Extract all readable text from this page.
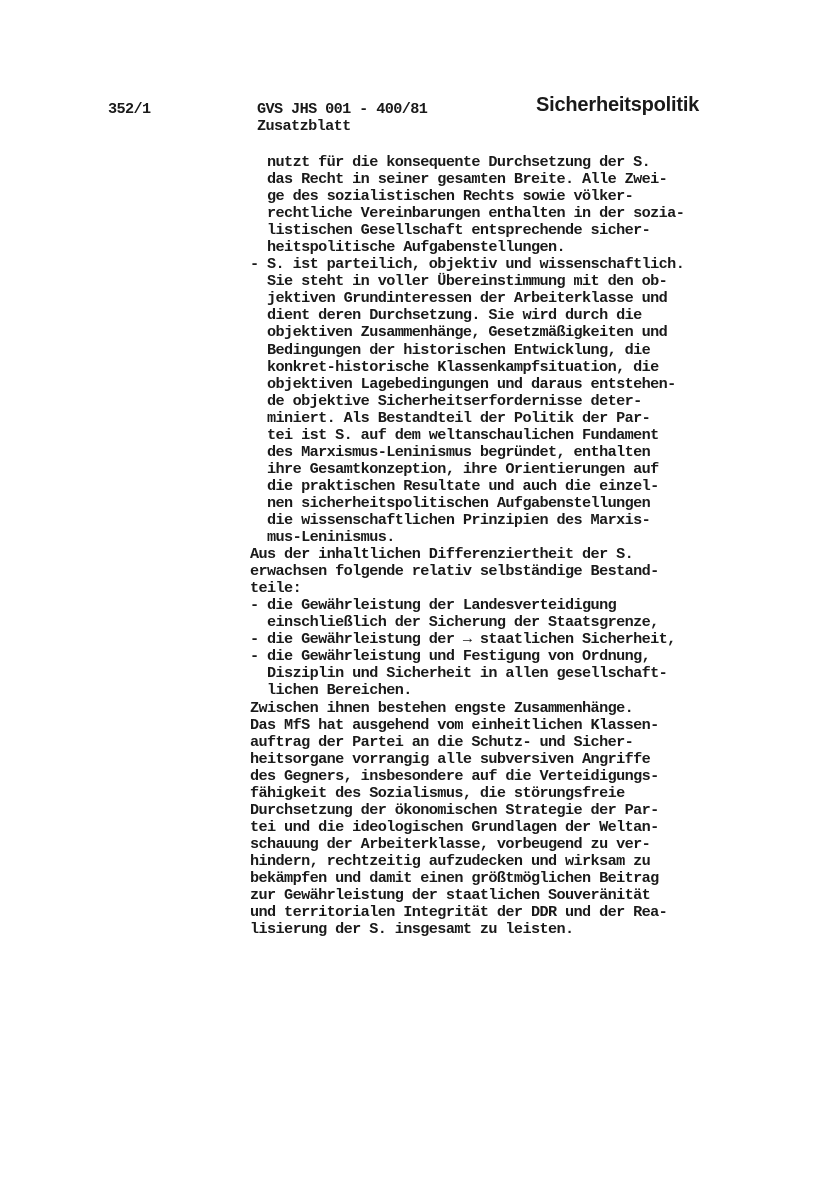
352/1	GVS JHS 001 - 400/81
Zusatzblatt
Sicherheitspolitik
nutzt für die konsequente Durchsetzung der S.
das Recht in seiner gesamten Breite. Alle Zwei-
ge des sozialistischen Rechts sowie völker-
rechtliche Vereinbarungen enthalten in der sozia-
listischen Gesellschaft entsprechende sicher-
heitspolitische Aufgabenstellungen.
- S. ist parteilich, objektiv und wissenschaftlich.
Sie steht in voller Übereinstimmung mit den ob-
jektiven Grundinteressen der Arbeiterklasse und
dient deren Durchsetzung. Sie wird durch die
objektiven Zusammenhänge, Gesetzmäßigkeiten und
Bedingungen der historischen Entwicklung, die
konkret-historische Klassenkampfsituation, die
objektiven Lagebedingungen und daraus entstehen-
de objektive Sicherheitserfordernisse deter-
miniert. Als Bestandteil der Politik der Par-
tei ist S. auf dem weltanschaulichen Fundament
des Marxismus-Leninismus begründet, enthalten
ihre Gesamtkonzeption, ihre Orientierungen auf
die praktischen Resultate und auch die einzel-
nen sicherheitspolitischen Aufgabenstellungen
die wissenschaftlichen Prinzipien des Marxis-
mus-Leninismus.
Aus der inhaltlichen Differenziertheit der S.
erwachsen folgende relativ selbständige Bestand-
teile:
- die Gewährleistung der Landesverteidigung
einschließlich der Sicherung der Staatsgrenze,
- die Gewährleistung der → staatlichen Sicherheit,
- die Gewährleistung und Festigung von Ordnung,
Disziplin und Sicherheit in allen gesellschaft-
lichen Bereichen.
Zwischen ihnen bestehen engste Zusammenhänge.
Das MfS hat ausgehend vom einheitlichen Klassen-
auftrag der Partei an die Schutz- und Sicher-
heitsorgane vorrangig alle subversiven Angriffe
des Gegners, insbesondere auf die Verteidigungs-
fähigkeit des Sozialismus, die störungsfreie
Durchsetzung der ökonomischen Strategie der Par-
tei und die ideologischen Grundlagen der Weltan-
schauung der Arbeiterklasse, vorbeugend zu ver-
hindern, rechtzeitig aufzudecken und wirksam zu
bekämpfen und damit einen größtmöglichen Beitrag
zur Gewährleistung der staatlichen Souveränität
und territorialen Integrität der DDR und der Rea-
lisierung der S. insgesamt zu leisten.
